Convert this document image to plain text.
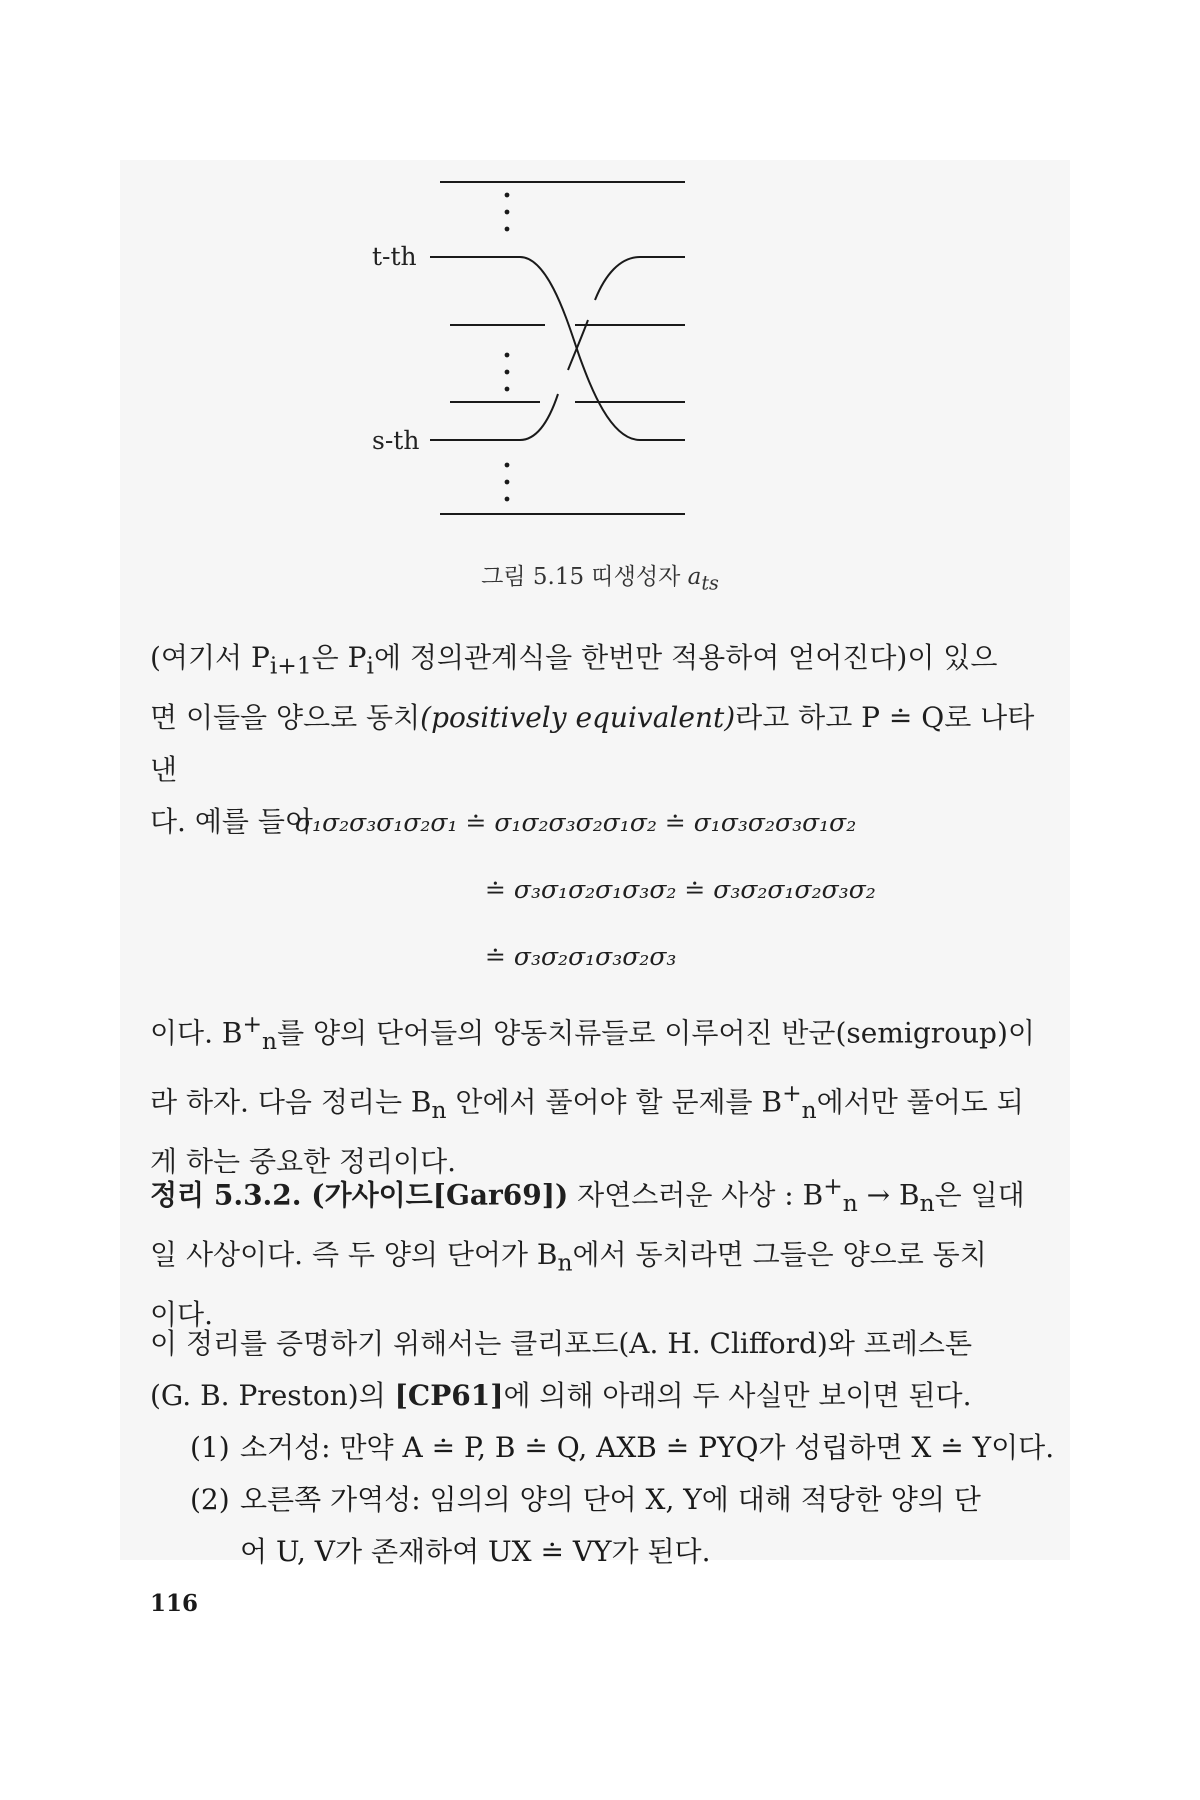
t-th
s-th
그림 5.15 띠생성자 $a_{ts}$
(여기서 $P_{i+1}$은 $P_i$에 정의관계식을 한번만 적용하여 얻어진다)이 있으
면 이들을 양으로 동치(positively equivalent)라고 하고 P ≐ Q로 나타낸
다. 예를 들어
σ₁σ₂σ₃σ₁σ₂σ₁ ≐ σ₁σ₂σ₃σ₂σ₁σ₂ ≐ σ₁σ₃σ₂σ₃σ₁σ₂
≐ σ₃σ₁σ₂σ₁σ₃σ₂ ≐ σ₃σ₂σ₁σ₂σ₃σ₂
≐ σ₃σ₂σ₁σ₃σ₂σ₃
이다. $B^+_n$를 양의 단어들의 양동치류들로 이루어진 반군(semigroup)이
라 하자. 다음 정리는 $B_n$ 안에서 풀어야 할 문제를 $B^+_n$에서만 풀어도 되
게 하는 중요한 정리이다.
정리 5.3.2. (가사이드[Gar69]) 자연스러운 사상 : $B^+_n \to B_n$은 일대
일 사상이다. 즉 두 양의 단어가 $B_n$에서 동치라면 그들은 양으로 동치
이다.
이 정리를 증명하기 위해서는 클리포드(A. H. Clifford)와 프레스톤
(G. B. Preston)의 [CP61]에 의해 아래의 두 사실만 보이면 된다.
(1) 소거성: 만약 A ≐ P, B ≐ Q, AXB ≐ PYQ가 성립하면 X ≐ Y이다.
(2) 오른쪽 가역성: 임의의 양의 단어 X, Y에 대해 적당한 양의 단
어 U, V가 존재하여 UX ≐ VY가 된다.
116
